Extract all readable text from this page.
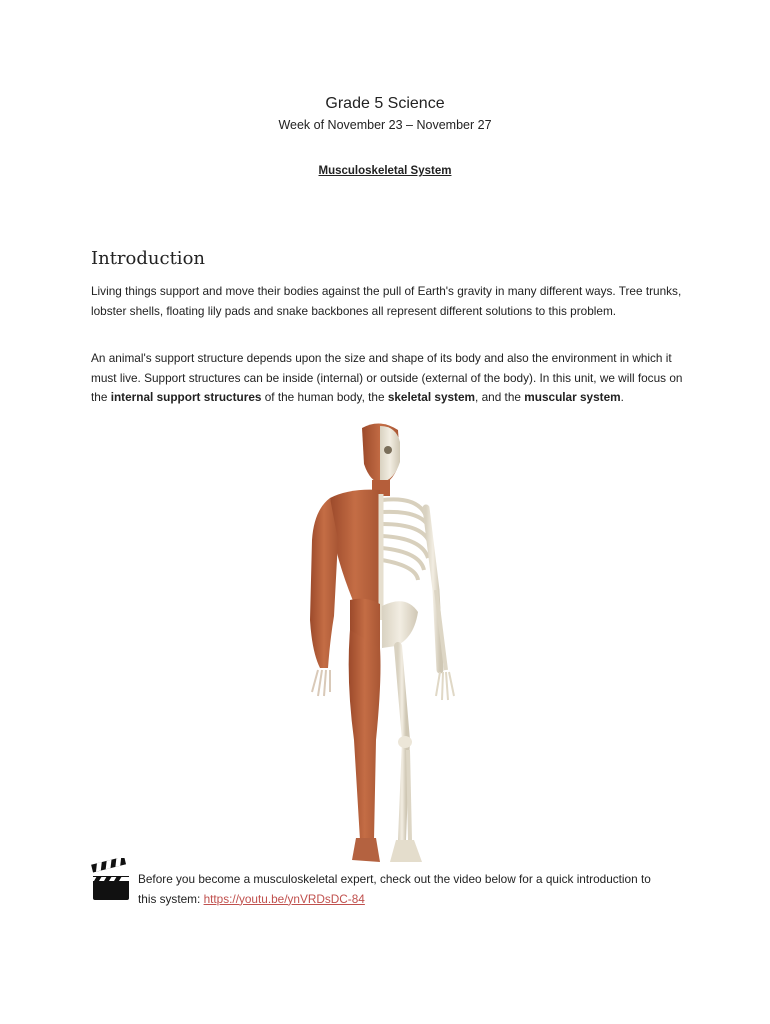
Grade 5 Science
Week of November 23 – November 27
Musculoskeletal System
Introduction
Living things support and move their bodies against the pull of Earth's gravity in many different ways. Tree trunks, lobster shells, floating lily pads and snake backbones all represent different solutions to this problem.
An animal's support structure depends upon the size and shape of its body and also the environment in which it must live. Support structures can be inside (internal) or outside (external of the body). In this unit, we will focus on the internal support structures of the human body, the skeletal system, and the muscular system.
Before you become a musculoskeletal expert, check out the video below for a quick introduction to this system: https://youtu.be/ynVRDsDC-84
